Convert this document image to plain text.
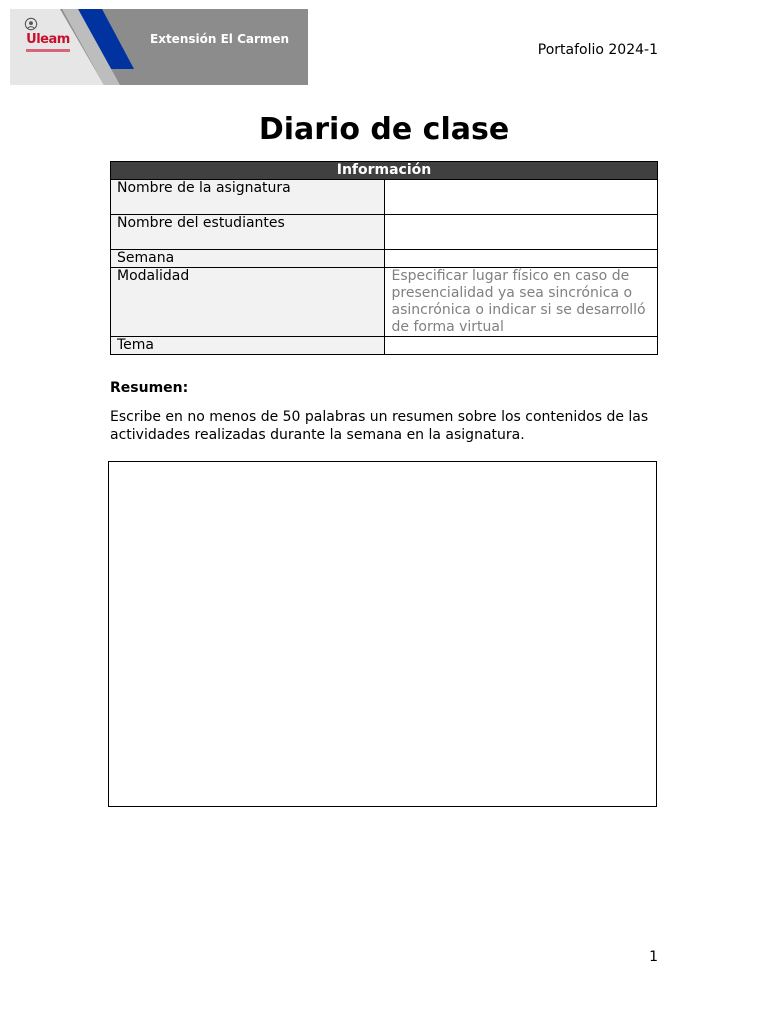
Uleam	Extensión El Carmen
Portafolio 2024-1
Diario de clase
Información	
Nombre de la asignatura	
Nombre del estudiantes	
Semana	
Modalidad	Especificar lugar físico en caso de presencialidad ya sea sincrónica o asincrónica o indicar si se desarrolló de forma virtual
Tema	
Resumen:
Escribe en no menos de 50 palabras un resumen sobre los contenidos de las actividades realizadas durante la semana en la asignatura.
1
